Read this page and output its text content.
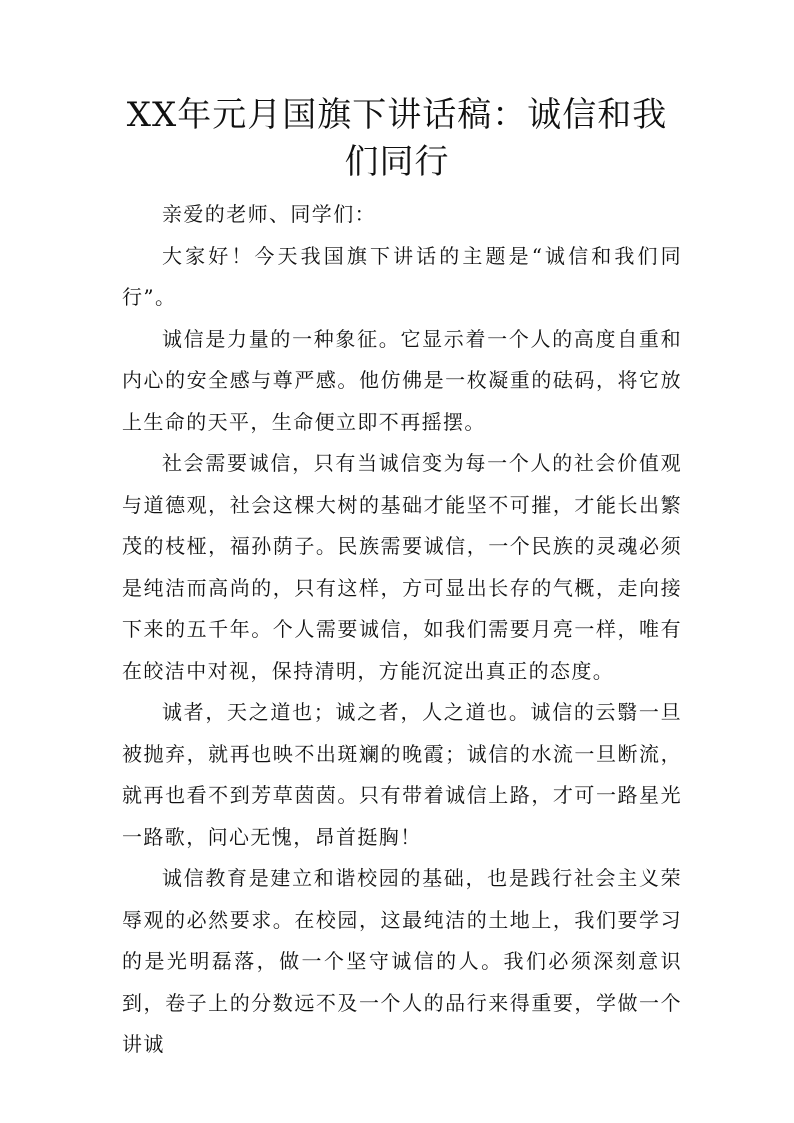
XX年元月国旗下讲话稿：诚信和我们同行

亲爱的老师、同学们：

大家好！今天我国旗下讲话的主题是“诚信和我们同行”。

诚信是力量的一种象征。它显示着一个人的高度自重和内心的安全感与尊严感。他仿佛是一枚凝重的砝码，将它放上生命的天平，生命便立即不再摇摆。

社会需要诚信，只有当诚信变为每一个人的社会价值观与道德观，社会这棵大树的基础才能坚不可摧，才能长出繁茂的枝桠，福孙荫子。民族需要诚信，一个民族的灵魂必须是纯洁而高尚的，只有这样，方可显出长存的气概，走向接下来的五千年。个人需要诚信，如我们需要月亮一样，唯有在皎洁中对视，保持清明，方能沉淀出真正的态度。

诚者，天之道也；诚之者，人之道也。诚信的云翳一旦被抛弃，就再也映不出斑斓的晚霞；诚信的水流一旦断流，就再也看不到芳草茵茵。只有带着诚信上路，才可一路星光一路歌，问心无愧，昂首挺胸！

诚信教育是建立和谐校园的基础，也是践行社会主义荣辱观的必然要求。在校园，这最纯洁的土地上，我们要学习的是光明磊落，做一个坚守诚信的人。我们必须深刻意识到，卷子上的分数远不及一个人的品行来得重要，学做一个讲诚
